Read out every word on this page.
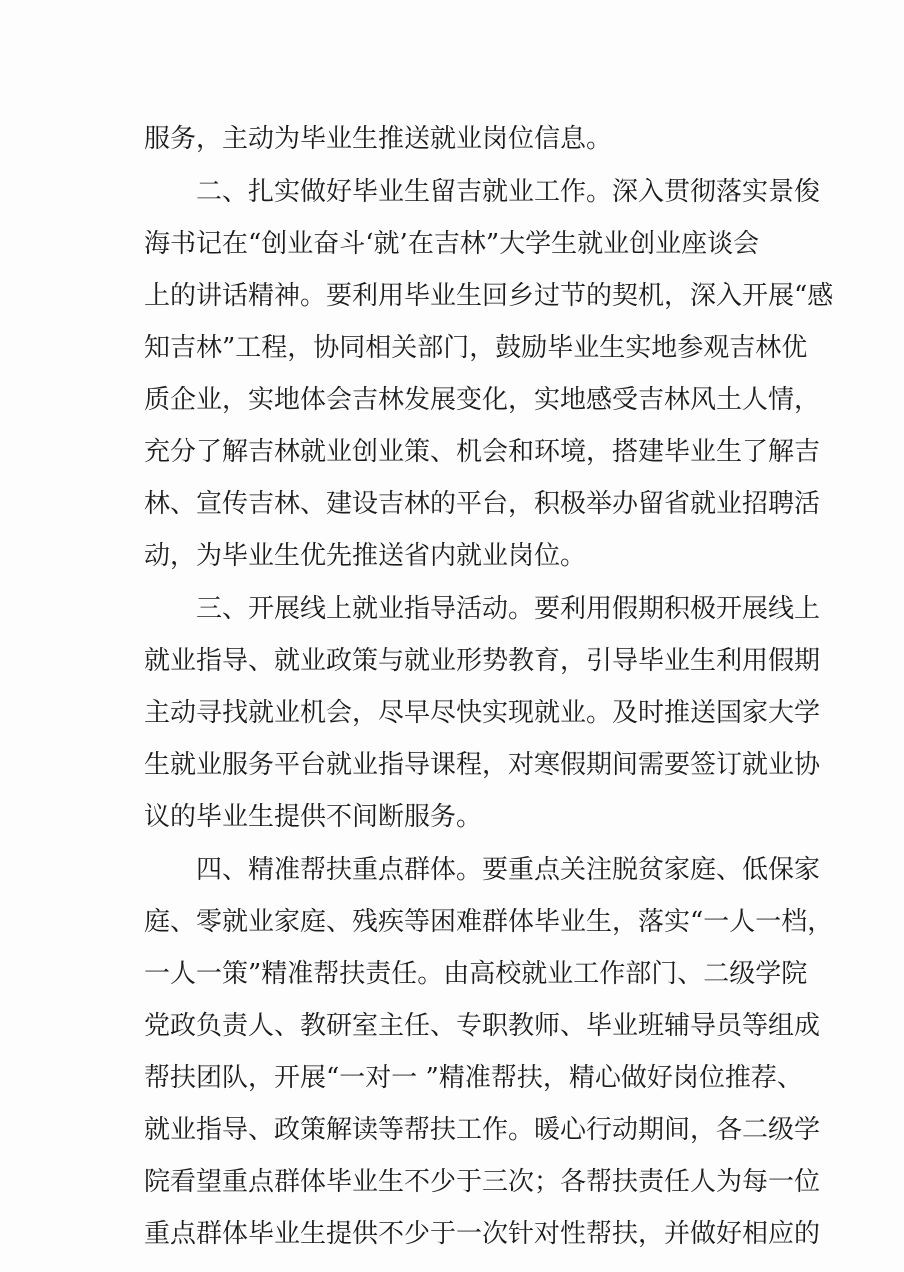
服务，主动为毕业生推送就业岗位信息。
二、扎实做好毕业生留吉就业工作。深入贯彻落实景俊
海书记在“创业奋斗‘就’在吉林”大学生就业创业座谈会
上的讲话精神。要利用毕业生回乡过节的契机，深入开展“感
知吉林”工程，协同相关部门，鼓励毕业生实地参观吉林优
质企业，实地体会吉林发展变化，实地感受吉林风土人情，
充分了解吉林就业创业策、机会和环境，搭建毕业生了解吉
林、宣传吉林、建设吉林的平台，积极举办留省就业招聘活
动，为毕业生优先推送省内就业岗位。
三、开展线上就业指导活动。要利用假期积极开展线上
就业指导、就业政策与就业形势教育，引导毕业生利用假期
主动寻找就业机会，尽早尽快实现就业。及时推送国家大学
生就业服务平台就业指导课程，对寒假期间需要签订就业协
议的毕业生提供不间断服务。
四、精准帮扶重点群体。要重点关注脱贫家庭、低保家
庭、零就业家庭、残疾等困难群体毕业生，落实“一人一档，
一人一策”精准帮扶责任。由高校就业工作部门、二级学院
党政负责人、教研室主任、专职教师、毕业班辅导员等组成
帮扶团队，开展“一对一 ”精准帮扶，精心做好岗位推荐、
就业指导、政策解读等帮扶工作。暖心行动期间，各二级学
院看望重点群体毕业生不少于三次；各帮扶责任人为每一位
重点群体毕业生提供不少于一次针对性帮扶，并做好相应的
